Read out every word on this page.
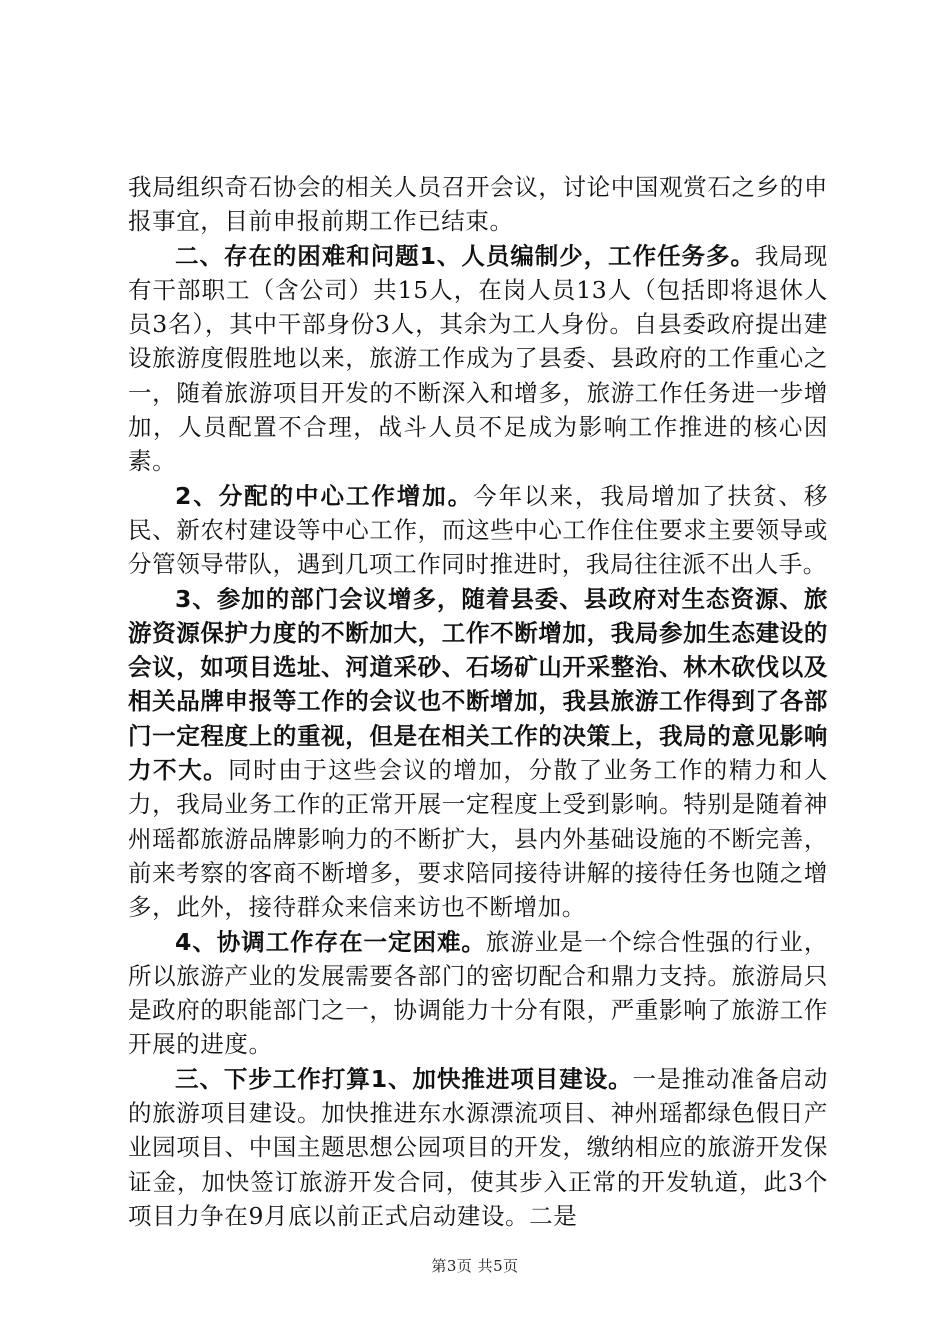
我局组织奇石协会的相关人员召开会议，讨论中国观赏石之乡的申报事宜，目前申报前期工作已结束。

二、存在的困难和问题1、人员编制少，工作任务多。我局现有干部职工（含公司）共15人，在岗人员13人（包括即将退休人员3名），其中干部身份3人，其余为工人身份。自县委政府提出建设旅游度假胜地以来，旅游工作成为了县委、县政府的工作重心之一，随着旅游项目开发的不断深入和增多，旅游工作任务进一步增加，人员配置不合理，战斗人员不足成为影响工作推进的核心因素。

2、分配的中心工作增加。今年以来，我局增加了扶贫、移民、新农村建设等中心工作，而这些中心工作住住要求主要领导或分管领导带队，遇到几项工作同时推进时，我局往往派不出人手。

3、参加的部门会议增多，随着县委、县政府对生态资源、旅游资源保护力度的不断加大，工作不断增加，我局参加生态建设的会议，如项目选址、河道采砂、石场矿山开采整治、林木砍伐以及相关品牌申报等工作的会议也不断增加，我县旅游工作得到了各部门一定程度上的重视，但是在相关工作的决策上，我局的意见影响力不大。同时由于这些会议的增加，分散了业务工作的精力和人力，我局业务工作的正常开展一定程度上受到影响。特别是随着神州瑶都旅游品牌影响力的不断扩大，县内外基础设施的不断完善，前来考察的客商不断增多，要求陪同接待讲解的接待任务也随之增多，此外，接待群众来信来访也不断增加。

4、协调工作存在一定困难。旅游业是一个综合性强的行业，所以旅游产业的发展需要各部门的密切配合和鼎力支持。旅游局只是政府的职能部门之一，协调能力十分有限，严重影响了旅游工作开展的进度。

三、下步工作打算1、加快推进项目建设。一是推动准备启动的旅游项目建设。加快推进东水源漂流项目、神州瑶都绿色假日产业园项目、中国主题思想公园项目的开发，缴纳相应的旅游开发保证金，加快签订旅游开发合同，使其步入正常的开发轨道，此3个项目力争在9月底以前正式启动建设。二是

第3页 共5页
